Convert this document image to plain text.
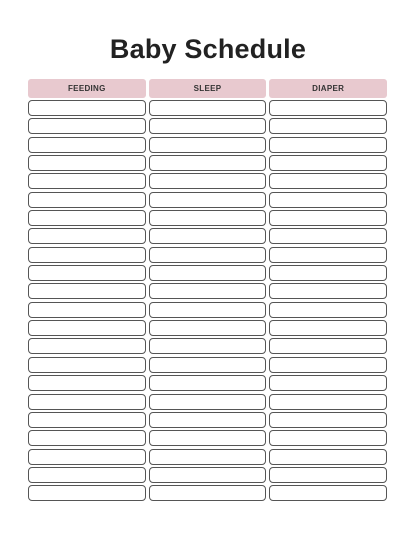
Baby Schedule
FEEDING	SLEEP	DIAPER
